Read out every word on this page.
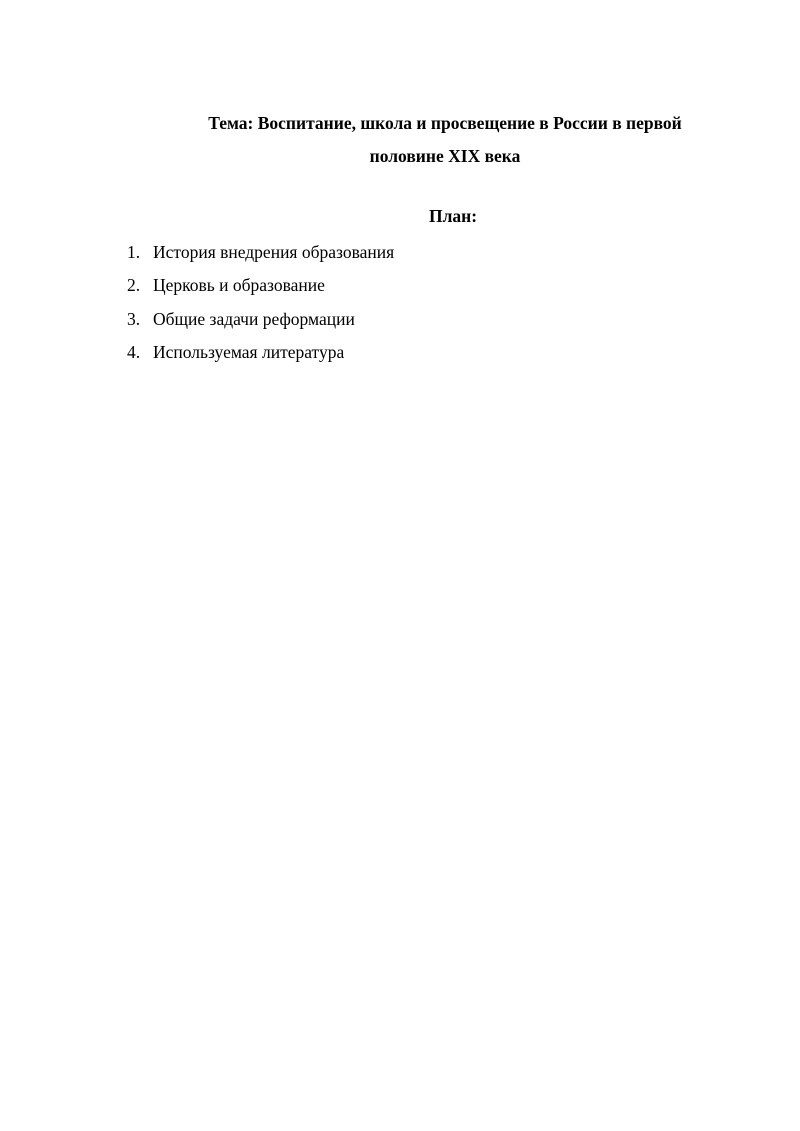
Тема: Воспитание, школа и просвещение в России в первой
половине XIX века
План:
1. История внедрения образования
2. Церковь и образование
3. Общие задачи реформации
4. Используемая литература
